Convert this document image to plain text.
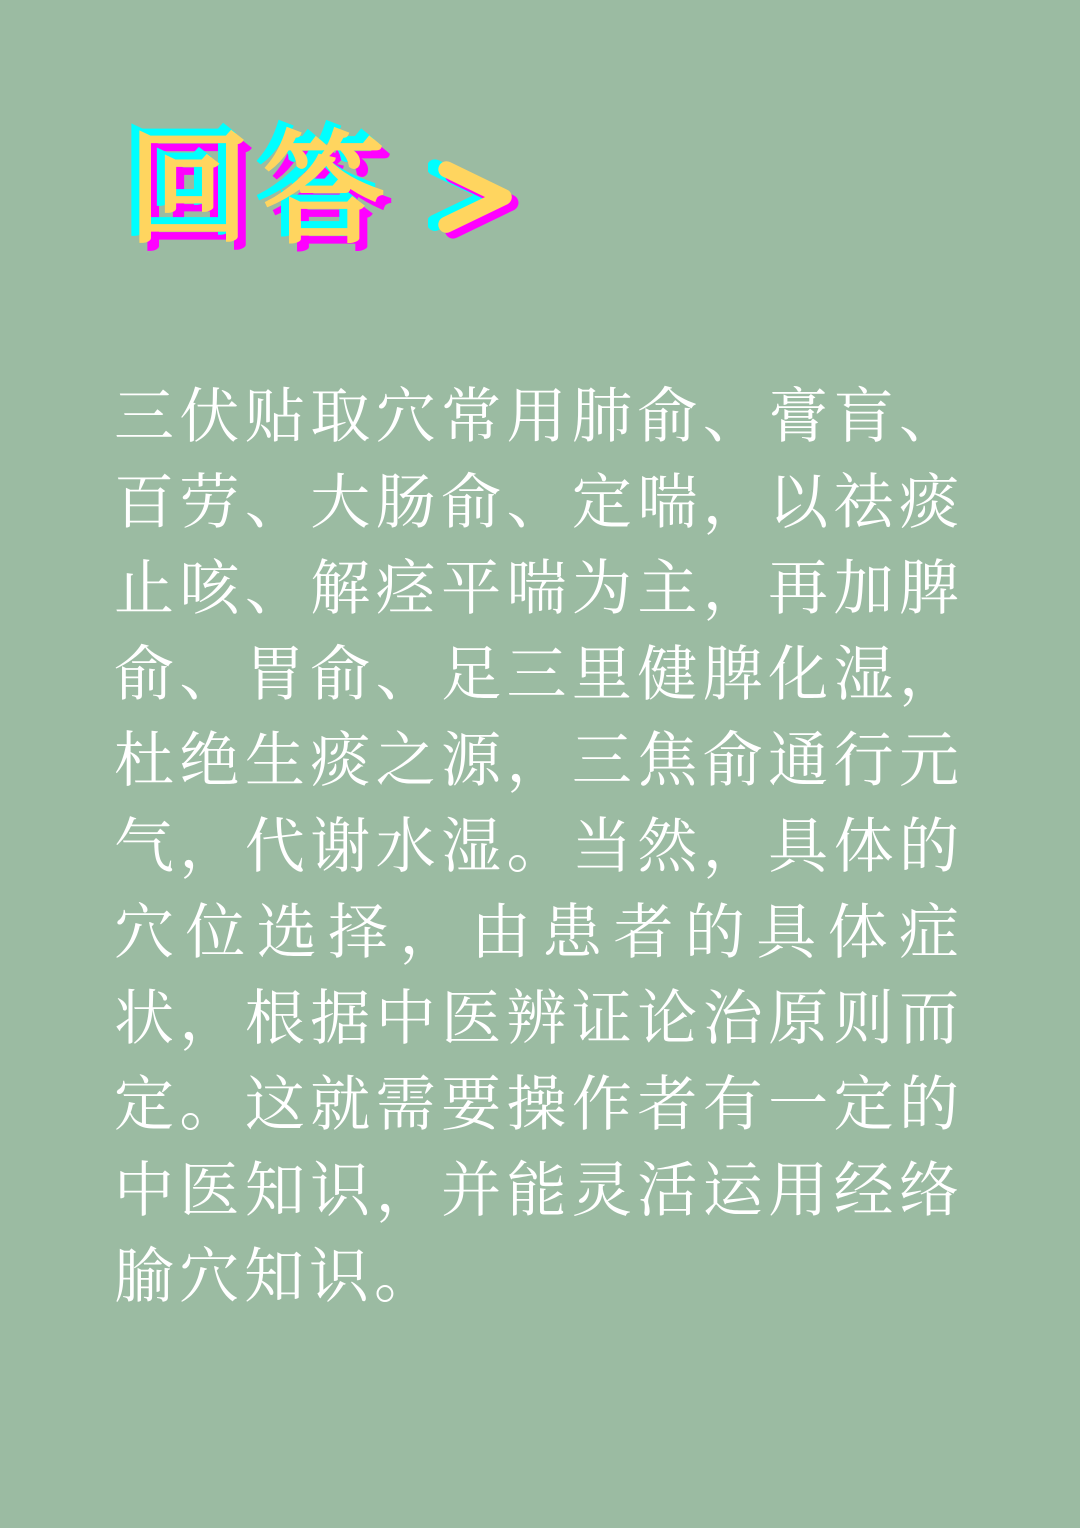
回答
三伏贴取穴常用肺俞、膏肓、
百劳、大肠俞、定喘，以祛痰
止咳、解痉平喘为主，再加脾
俞、胃俞、足三里健脾化湿，
杜绝生痰之源，三焦俞通行元
气，代谢水湿。当然，具体的
穴位选择，由患者的具体症
状，根据中医辨证论治原则而
定。这就需要操作者有一定的
中医知识，并能灵活运用经络
腧穴知识。
